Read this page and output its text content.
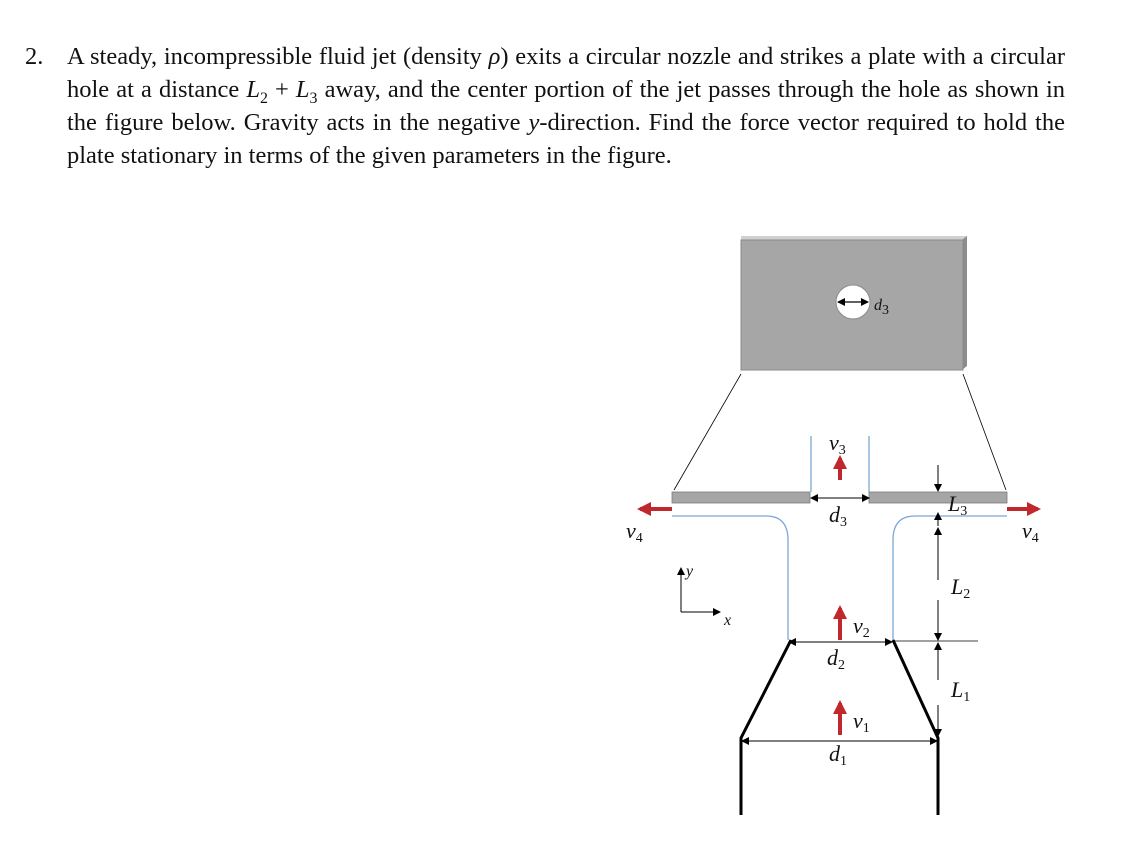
2. A steady, incompressible fluid jet (density ρ) exits a circular nozzle and strikes a plate with a circular hole at a distance $L_2 + L_3$ away, and the center portion of the jet passes through the hole as shown in the figure below. Gravity acts in the negative y-direction. Find the force vector required to hold the plate stationary in terms of the given parameters in the figure.
d3
v3
d3
L3
v4	v4
L2
y
x	v2
d2
L1
v1
d1
